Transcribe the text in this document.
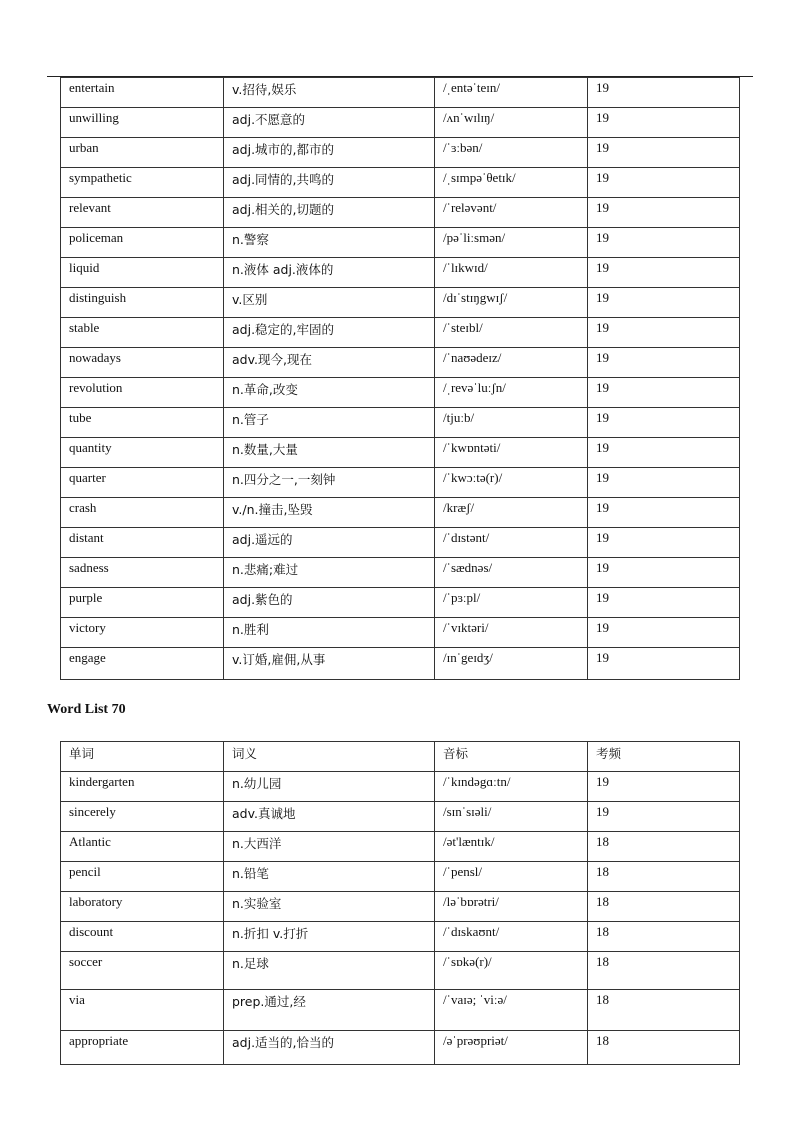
entertain	v.招待,娱乐	/ˌentəˈteɪn/	19
unwilling	adj.不愿意的	/ʌnˈwɪlɪŋ/	19
urban	adj.城市的,都市的	/ˈɜːbən/	19
sympathetic	adj.同情的,共鸣的	/ˌsɪmpəˈθetɪk/	19
relevant	adj.相关的,切题的	/ˈreləvənt/	19
policeman	n.警察	/pəˈliːsmən/	19
liquid	n.液体 adj.液体的	/ˈlɪkwɪd/	19
distinguish	v.区别	/dɪˈstɪŋgwɪʃ/	19
stable	adj.稳定的,牢固的	/ˈsteɪbl/	19
nowadays	adv.现今,现在	/ˈnaʊədeɪz/	19
revolution	n.革命,改变	/ˌrevəˈluːʃn/	19
tube	n.管子	/tjuːb/	19
quantity	n.数量,大量	/ˈkwɒntəti/	19
quarter	n.四分之一,一刻钟	/ˈkwɔːtə(r)/	19
crash	v./n.撞击,坠毁	/kræʃ/	19
distant	adj.遥远的	/ˈdɪstənt/	19
sadness	n.悲痛;难过	/ˈsædnəs/	19
purple	adj.紫色的	/ˈpɜːpl/	19
victory	n.胜利	/ˈvɪktəri/	19
engage	v.订婚,雇佣,从事	/ɪnˈgeɪdʒ/	19
Word List 70
单词	词义	音标	考频
kindergarten	n.幼儿园	/ˈkɪndəgɑːtn/	19
sincerely	adv.真诚地	/sɪnˈsɪəli/	19
Atlantic	n.大西洋	/ət'læntɪk/	18
pencil	n.铅笔	/ˈpensl/	18
laboratory	n.实验室	/ləˈbɒrətri/	18
discount	n.折扣 v.打折	/ˈdɪskaʊnt/	18
soccer	n.足球	/ˈsɒkə(r)/	18
via	prep.通过,经	/ˈvaɪə; ˈviːə/	18
appropriate	adj.适当的,恰当的	/əˈprəʊpriət/	18
